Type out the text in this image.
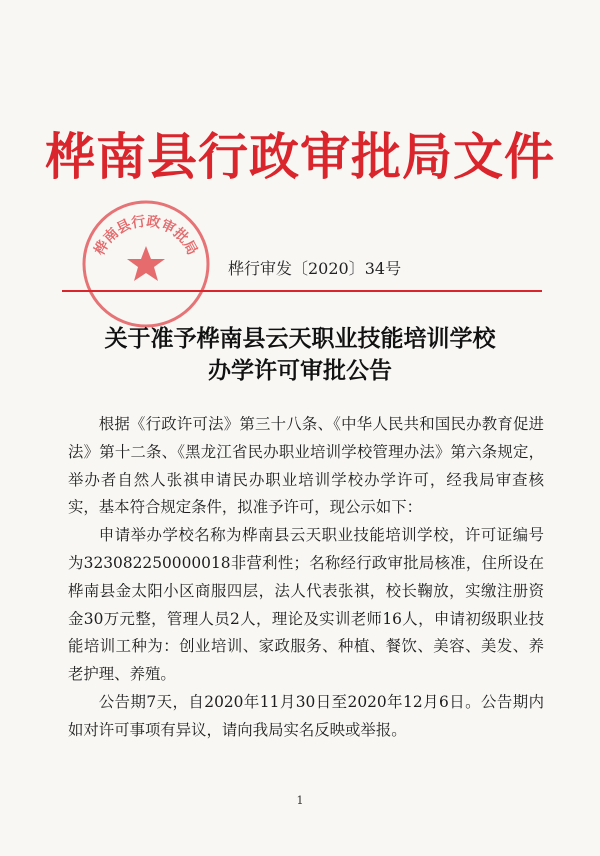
桦南县行政审批局文件
桦南县行政审批局
桦行审发〔2020〕34号
关于准予桦南县云天职业技能培训学校
办学许可审批公告

根据《行政许可法》第三十八条、《中华人民共和国民办教育促进法》第十二条、《黑龙江省民办职业培训学校管理办法》第六条规定，举办者自然人张祺申请民办职业培训学校办学许可，经我局审查核实，基本符合规定条件，拟准予许可，现公示如下：

申请举办学校名称为桦南县云天职业技能培训学校，许可证编号为323082250000018非营利性；名称经行政审批局核准，住所设在桦南县金太阳小区商服四层，法人代表张祺，校长鞠放，实缴注册资金30万元整，管理人员2人，理论及实训老师16人，申请初级职业技能培训工种为：创业培训、家政服务、种植、餐饮、美容、美发、养老护理、养殖。

公告期7天，自2020年11月30日至2020年12月6日。公告期内如对许可事项有异议，请向我局实名反映或举报。

1
